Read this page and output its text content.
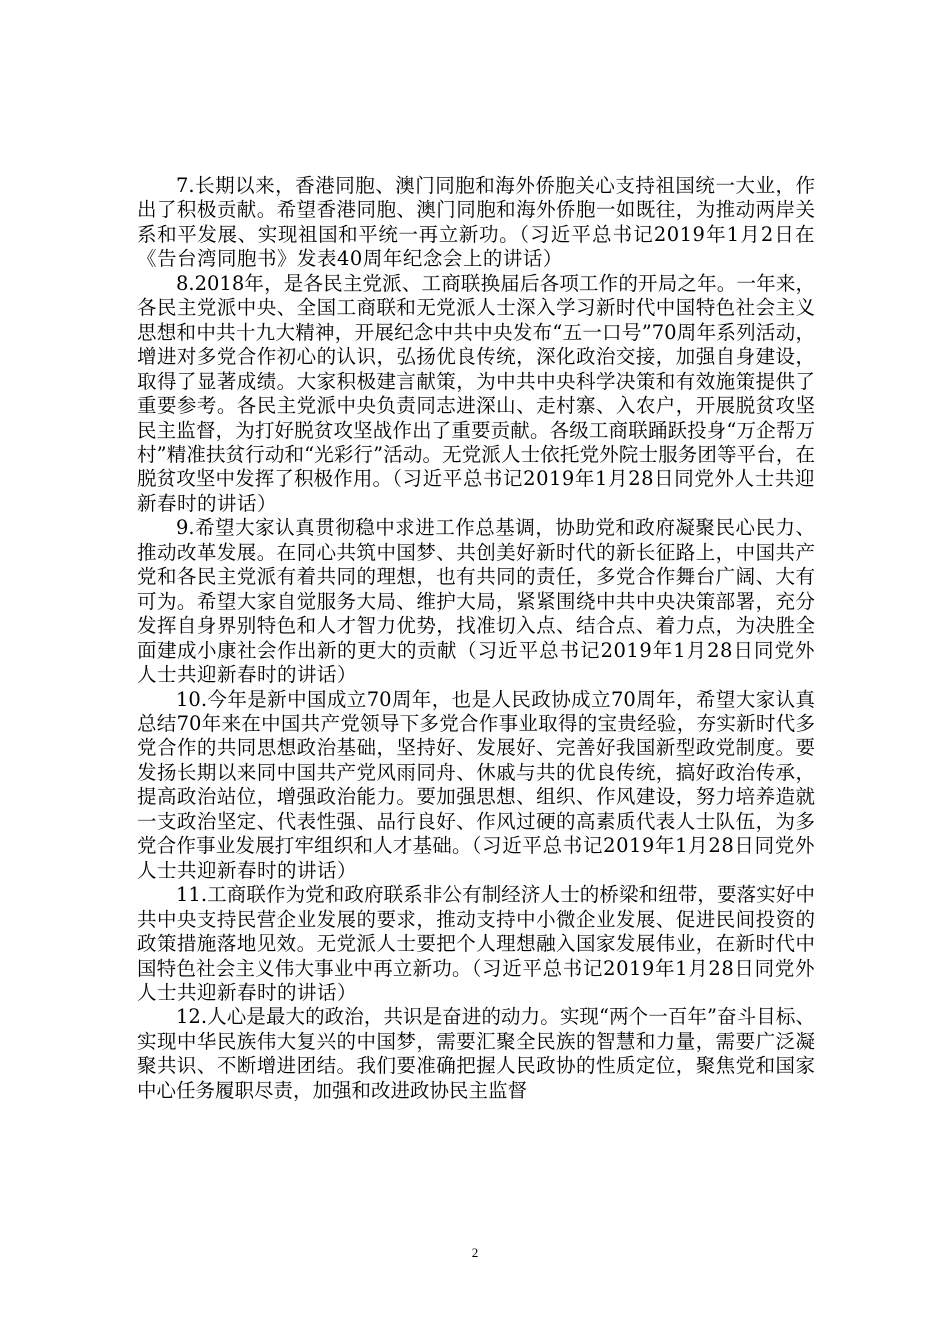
7.长期以来，香港同胞、澳门同胞和海外侨胞关心支持祖国统一大业，作出了积极贡献。希望香港同胞、澳门同胞和海外侨胞一如既往，为推动两岸关系和平发展、实现祖国和平统一再立新功。（习近平总书记2019年1月2日在《告台湾同胞书》发表40周年纪念会上的讲话）

8.2018年，是各民主党派、工商联换届后各项工作的开局之年。一年来，各民主党派中央、全国工商联和无党派人士深入学习新时代中国特色社会主义思想和中共十九大精神，开展纪念中共中央发布“五一口号”70周年系列活动，增进对多党合作初心的认识，弘扬优良传统，深化政治交接，加强自身建设，取得了显著成绩。大家积极建言献策，为中共中央科学决策和有效施策提供了重要参考。各民主党派中央负责同志进深山、走村寨、入农户，开展脱贫攻坚民主监督，为打好脱贫攻坚战作出了重要贡献。各级工商联踊跃投身“万企帮万村”精准扶贫行动和“光彩行”活动。无党派人士依托党外院士服务团等平台，在脱贫攻坚中发挥了积极作用。（习近平总书记2019年1月28日同党外人士共迎新春时的讲话）

9.希望大家认真贯彻稳中求进工作总基调，协助党和政府凝聚民心民力、推动改革发展。在同心共筑中国梦、共创美好新时代的新长征路上，中国共产党和各民主党派有着共同的理想，也有共同的责任，多党合作舞台广阔、大有可为。希望大家自觉服务大局、维护大局，紧紧围绕中共中央决策部署，充分发挥自身界别特色和人才智力优势，找准切入点、结合点、着力点，为决胜全面建成小康社会作出新的更大的贡献（习近平总书记2019年1月28日同党外人士共迎新春时的讲话）

10.今年是新中国成立70周年，也是人民政协成立70周年，希望大家认真总结70年来在中国共产党领导下多党合作事业取得的宝贵经验，夯实新时代多党合作的共同思想政治基础，坚持好、发展好、完善好我国新型政党制度。要发扬长期以来同中国共产党风雨同舟、休戚与共的优良传统，搞好政治传承，提高政治站位，增强政治能力。要加强思想、组织、作风建设，努力培养造就一支政治坚定、代表性强、品行良好、作风过硬的高素质代表人士队伍，为多党合作事业发展打牢组织和人才基础。（习近平总书记2019年1月28日同党外人士共迎新春时的讲话）

11.工商联作为党和政府联系非公有制经济人士的桥梁和纽带，要落实好中共中央支持民营企业发展的要求，推动支持中小微企业发展、促进民间投资的政策措施落地见效。无党派人士要把个人理想融入国家发展伟业，在新时代中国特色社会主义伟大事业中再立新功。（习近平总书记2019年1月28日同党外人士共迎新春时的讲话）

12.人心是最大的政治，共识是奋进的动力。实现“两个一百年”奋斗目标、实现中华民族伟大复兴的中国梦，需要汇聚全民族的智慧和力量，需要广泛凝聚共识、不断增进团结。我们要准确把握人民政协的性质定位，聚焦党和国家中心任务履职尽责，加强和改进政协民主监督

2
